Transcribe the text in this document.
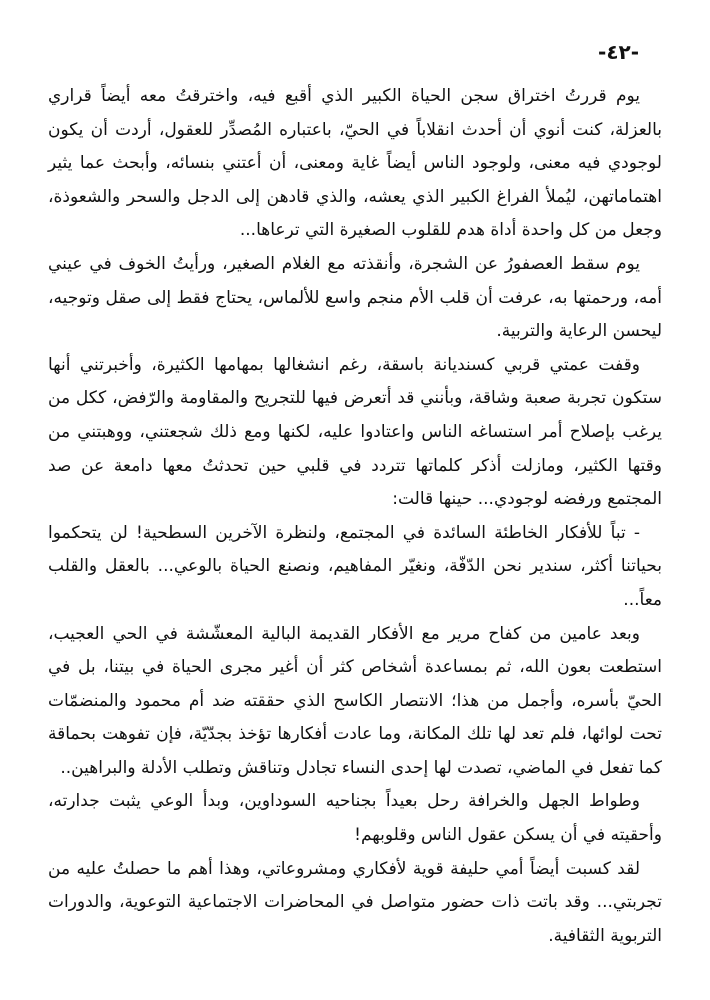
-٤٢-

يوم قررتُ اختراق سجن الحياة الكبير الذي أقبع فيه، واخترقتُ معه أيضاً قراري بالعزلة، كنت أنوي أن أحدث انقلاباً في الحيّ، باعتباره المُصدِّر للعقول، أردت أن يكون لوجودي فيه معنى، ولوجود الناس أيضاً غاية ومعنى، أن أعتني بنسائه، وأبحث عما يثير اهتماماتهن، ليُملأ الفراغ الكبير الذي يعشه، والذي قادهن إلى الدجل والسحر والشعوذة، وجعل من كل واحدة أداة هدم للقلوب الصغيرة التي ترعاها...

يوم سقط العصفورُ عن الشجرة، وأنقذته مع الغلام الصغير، ورأيتُ الخوف في عيني أمه، ورحمتها به، عرفت أن قلب الأم منجم واسع للألماس، يحتاج فقط إلى صقل وتوجيه، ليحسن الرعاية والتربية.

وقفت عمتي قربي كسنديانة باسقة، رغم انشغالها بمهامها الكثيرة، وأخبرتني أنها ستكون تجربة صعبة وشاقة، وبأنني قد أتعرض فيها للتجريح والمقاومة والرّفض، ككل من يرغب بإصلاح أمر استساغه الناس واعتادوا عليه، لكنها ومع ذلك شجعتني، ووهبتني من وقتها الكثير، ومازلت أذكر كلماتها تتردد في قلبي حين تحدثتُ معها دامعة عن صد المجتمع ورفضه لوجودي... حينها قالت:

- تباً للأفكار الخاطئة السائدة في المجتمع، ولنظرة الآخرين السطحية! لن يتحكموا بحياتنا أكثر، سندير نحن الدّفّة، ونغيّر المفاهيم، ونصنع الحياة بالوعي... بالعقل والقلب معاً...

وبعد عامين من كفاح مرير مع الأفكار القديمة البالية المعشّشة في الحي العجيب، استطعت بعون الله، ثم بمساعدة أشخاص كثر أن أغير مجرى الحياة في بيتنا، بل في الحيّ بأسره، وأجمل من هذا؛ الانتصار الكاسح الذي حققته ضد أم محمود والمنضمّات تحت لوائها، فلم تعد لها تلك المكانة، وما عادت أفكارها تؤخذ بجدّيّة، فإن تفوهت بحماقة كما تفعل في الماضي، تصدت لها إحدى النساء تجادل وتناقش وتطلب الأدلة والبراهين..

وطواط الجهل والخرافة رحل بعيداً بجناحيه السوداوين، وبدأ الوعي يثبت جدارته، وأحقيته في أن يسكن عقول الناس وقلوبهم!

لقد كسبت أيضاً أمي حليفة قوية لأفكاري ومشروعاتي، وهذا أهم ما حصلتُ عليه من تجربتي... وقد باتت ذات حضور متواصل في المحاضرات الاجتماعية التوعوية، والدورات التربوية الثقافية.
